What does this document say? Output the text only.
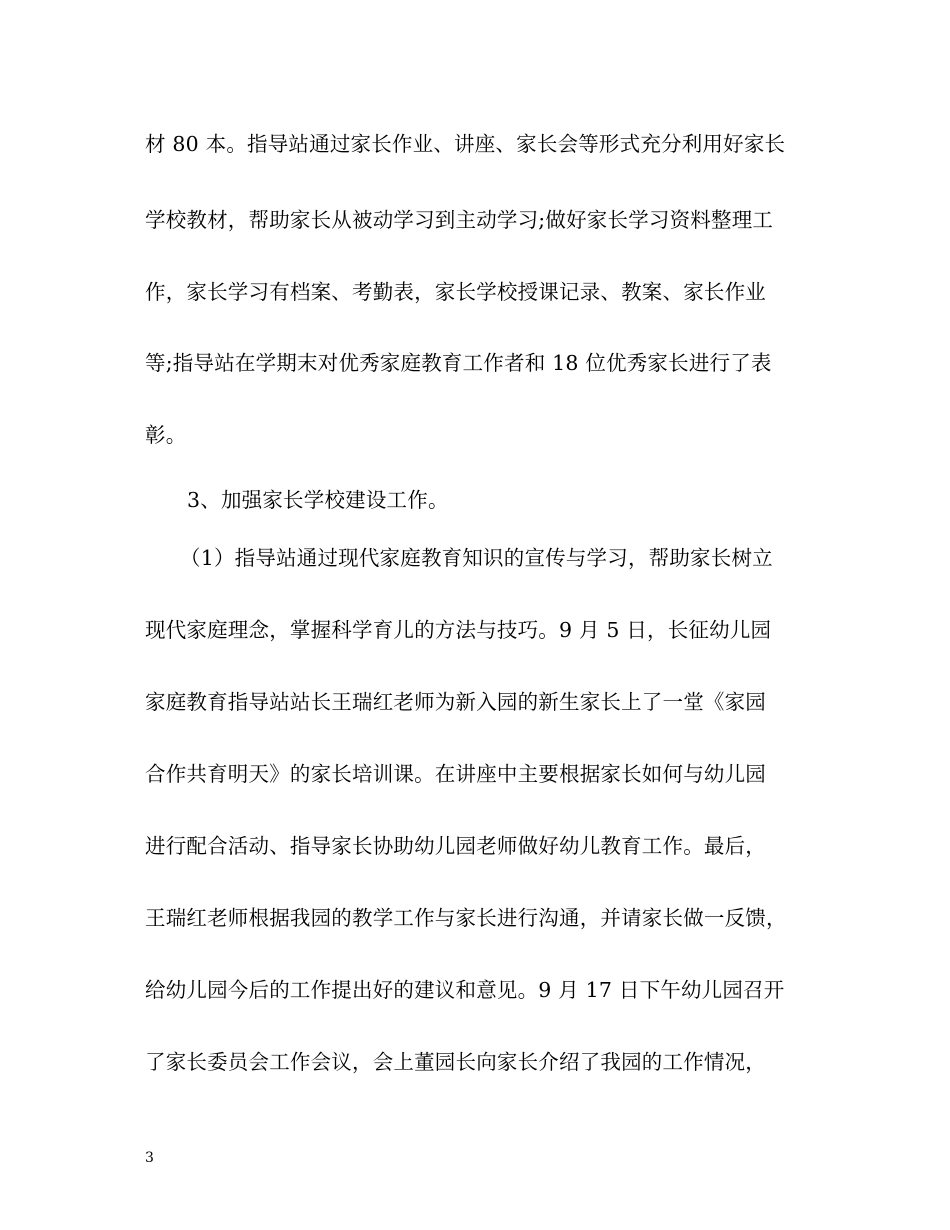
材 80 本。指导站通过家长作业、讲座、家长会等形式充分利用好家长
学校教材，帮助家长从被动学习到主动学习;做好家长学习资料整理工
作，家长学习有档案、考勤表，家长学校授课记录、教案、家长作业
等;指导站在学期末对优秀家庭教育工作者和 18 位优秀家长进行了表
彰。
3、加强家长学校建设工作。
（1）指导站通过现代家庭教育知识的宣传与学习，帮助家长树立
现代家庭理念，掌握科学育儿的方法与技巧。9 月 5 日，长征幼儿园
家庭教育指导站站长王瑞红老师为新入园的新生家长上了一堂《家园
合作共育明天》的家长培训课。在讲座中主要根据家长如何与幼儿园
进行配合活动、指导家长协助幼儿园老师做好幼儿教育工作。最后，
王瑞红老师根据我园的教学工作与家长进行沟通，并请家长做一反馈，
给幼儿园今后的工作提出好的建议和意见。9 月 17 日下午幼儿园召开
了家长委员会工作会议，会上董园长向家长介绍了我园的工作情况，
3
